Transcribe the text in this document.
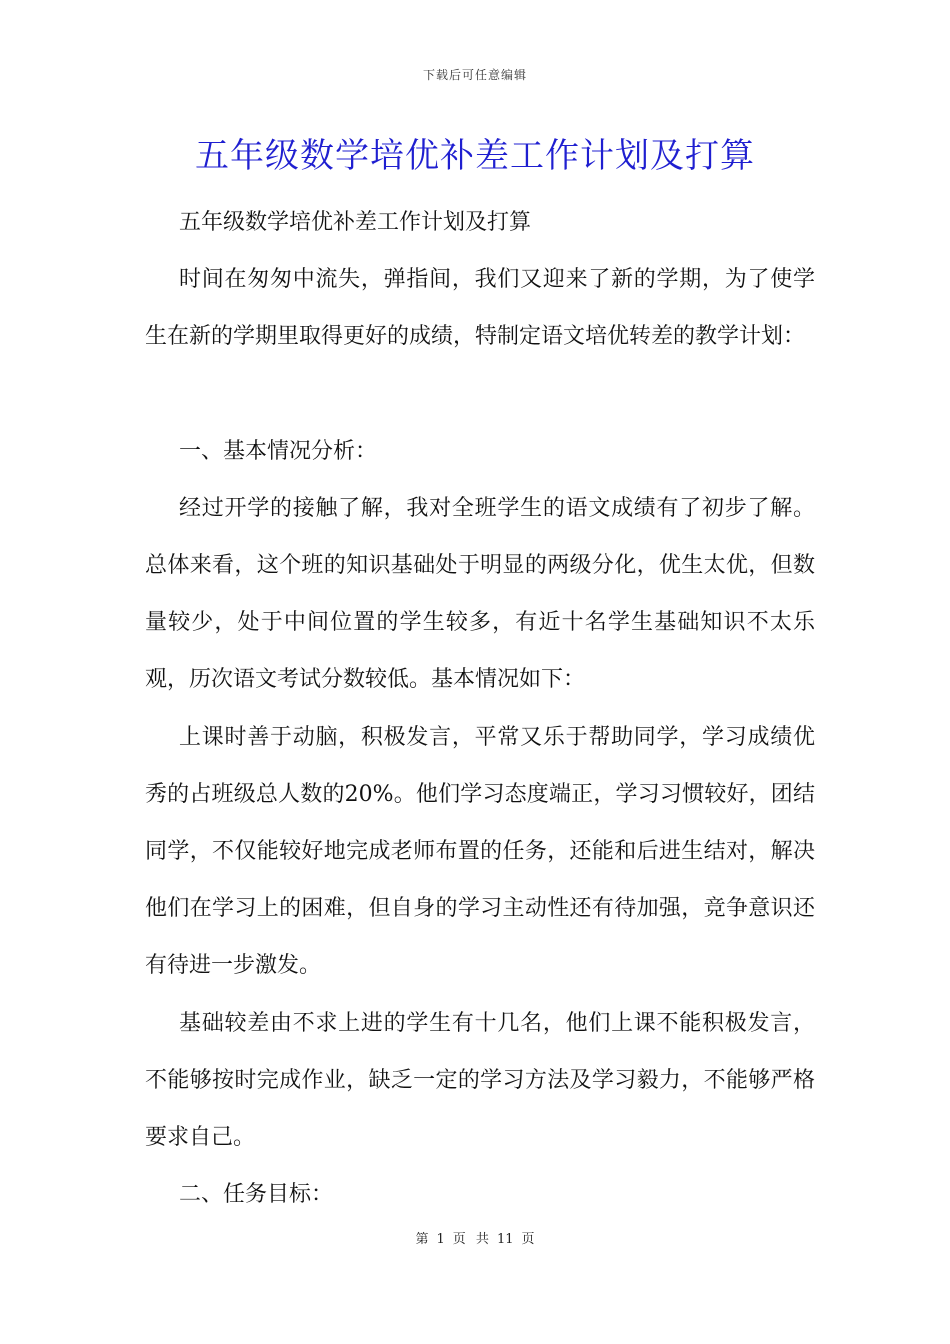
下载后可任意编辑
五年级数学培优补差工作计划及打算

五年级数学培优补差工作计划及打算

时间在匆匆中流失，弹指间，我们又迎来了新的学期，为了使学生在新的学期里取得更好的成绩，特制定语文培优转差的教学计划：

一、基本情况分析：

经过开学的接触了解，我对全班学生的语文成绩有了初步了解。总体来看，这个班的知识基础处于明显的两级分化，优生太优，但数量较少，处于中间位置的学生较多，有近十名学生基础知识不太乐观，历次语文考试分数较低。基本情况如下：

上课时善于动脑，积极发言，平常又乐于帮助同学，学习成绩优秀的占班级总人数的20%。他们学习态度端正，学习习惯较好，团结同学，不仅能较好地完成老师布置的任务，还能和后进生结对，解决他们在学习上的困难，但自身的学习主动性还有待加强，竞争意识还有待进一步激发。

基础较差由不求上进的学生有十几名，他们上课不能积极发言，不能够按时完成作业，缺乏一定的学习方法及学习毅力，不能够严格要求自己。

二、任务目标：

第 1 页 共 11 页
